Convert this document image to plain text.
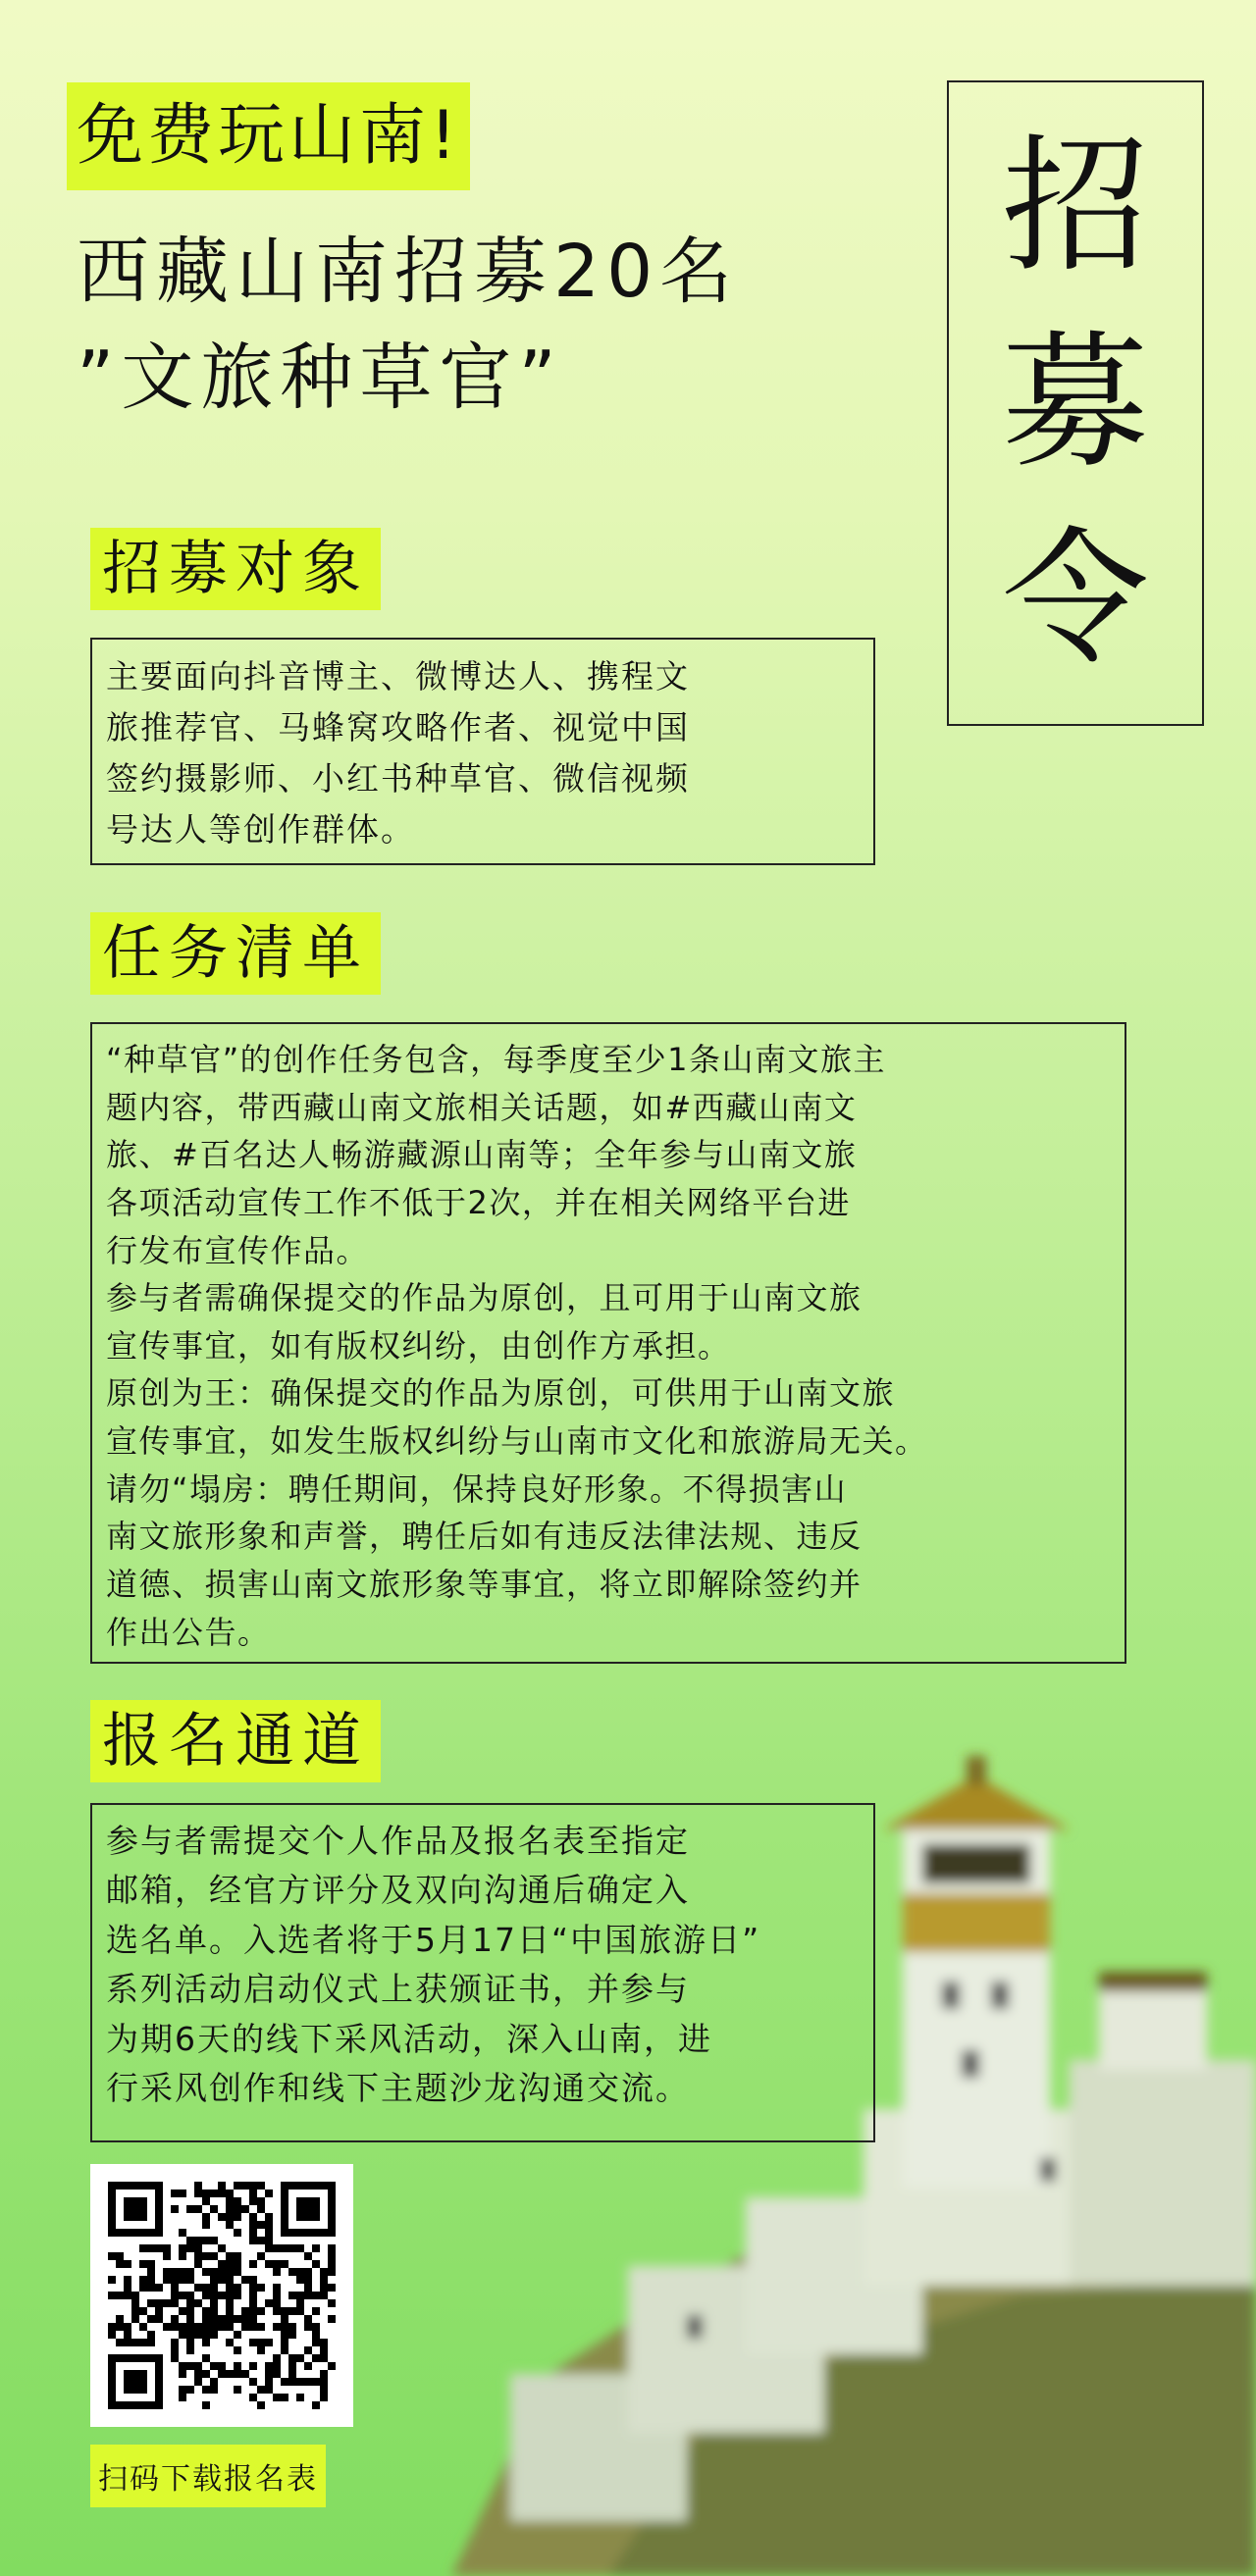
免费玩山南!
西藏山南招募20名
”文旅种草官”
招
募
令
招募对象

主要面向抖音博主、微博达人、携程文

旅推荐官、马蜂窝攻略作者、视觉中国

签约摄影师、小红书种草官、微信视频

号达人等创作群体。

任务清单

“种草官”的创作任务包含，每季度至少1条山南文旅主

题内容，带西藏山南文旅相关话题，如#西藏山南文

旅、#百名达人畅游藏源山南等；全年参与山南文旅

各项活动宣传工作不低于2次，并在相关网络平台进

行发布宣传作品。

参与者需确保提交的作品为原创，且可用于山南文旅

宣传事宜，如有版权纠纷，由创作方承担。

原创为王：确保提交的作品为原创，可供用于山南文旅

宣传事宜，如发生版权纠纷与山南市文化和旅游局无关。

请勿“塌房：聘任期间，保持良好形象。不得损害山

南文旅形象和声誉，聘任后如有违反法律法规、违反

道德、损害山南文旅形象等事宜，将立即解除签约并

作出公告。

报名通道

参与者需提交个人作品及报名表至指定

邮箱，经官方评分及双向沟通后确定入

选名单。入选者将于5月17日“中国旅游日”

系列活动启动仪式上获颁证书，并参与

为期6天的线下采风活动，深入山南，进

行采风创作和线下主题沙龙沟通交流。

扫码下载报名表
